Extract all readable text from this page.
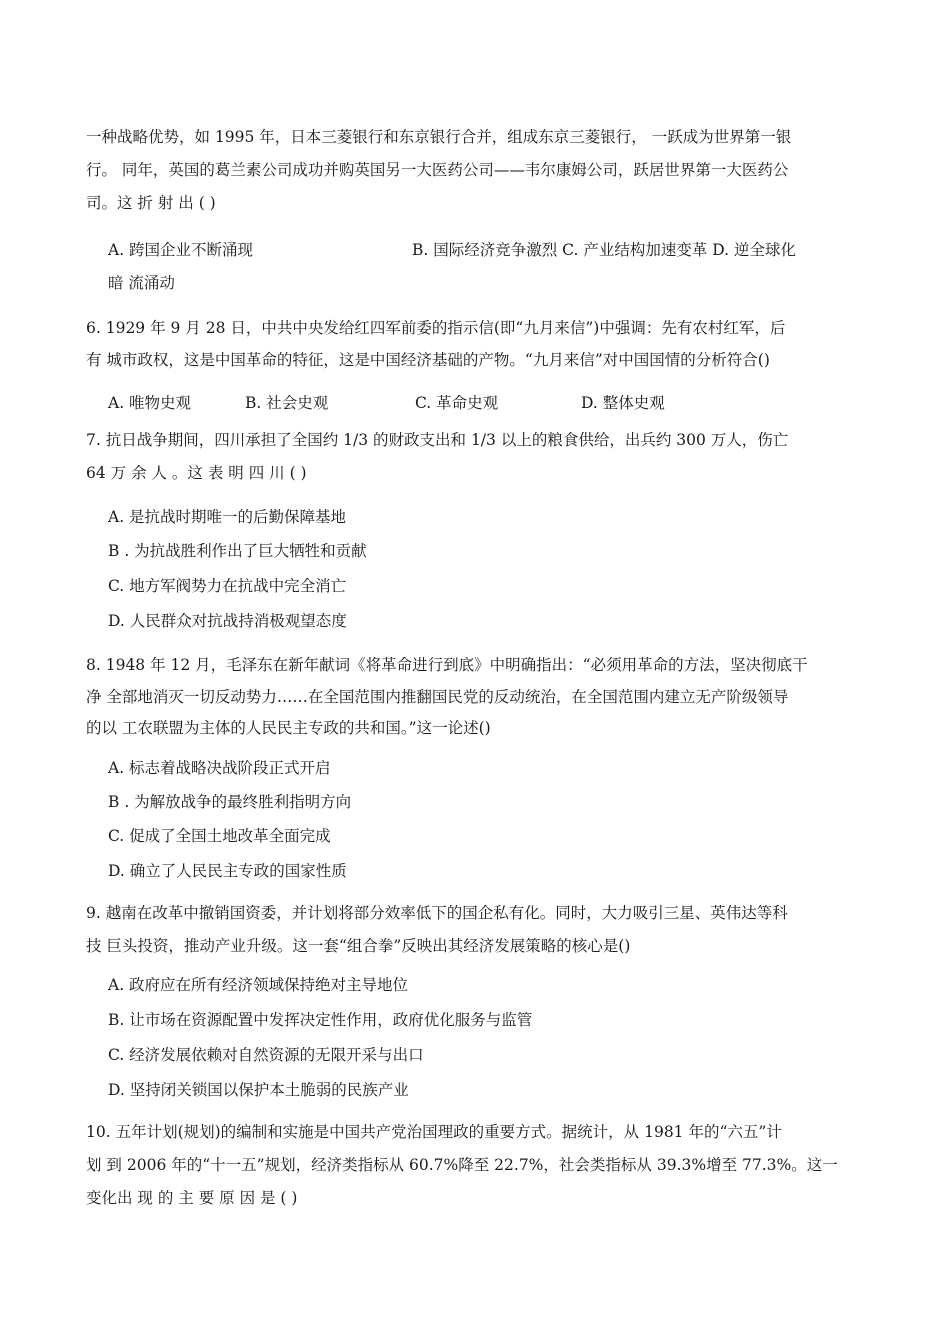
一种战略优势，如 1995 年，日本三菱银行和东京银行合并，组成东京三菱银行， 一跃成为世界第一银
行。 同年，英国的葛兰素公司成功并购英国另一大医药公司——韦尔康姆公司，跃居世界第一大医药公
司。这 折 射 出 ( )
A. 跨国企业不断涌现	B. 国际经济竞争激烈 C. 产业结构加速变革 D. 逆全球化
暗 流涌动
6. 1929 年 9 月 28 日，中共中央发给红四军前委的指示信(即“九月来信”)中强调：先有农村红军，后
有 城市政权，这是中国革命的特征，这是中国经济基础的产物。“九月来信”对中国国情的分析符合()
A. 唯物史观	B. 社会史观	C. 革命史观	D. 整体史观
7. 抗日战争期间，四川承担了全国约 1/3 的财政支出和 1/3 以上的粮食供给，出兵约 300 万人，伤亡
64 万 余 人 。这 表 明 四 川 ( )
A. 是抗战时期唯一的后勤保障基地
B . 为抗战胜利作出了巨大牺牲和贡献
C. 地方军阀势力在抗战中完全消亡
D. 人民群众对抗战持消极观望态度
8. 1948 年 12 月，毛泽东在新年献词《将革命进行到底》中明确指出：“必须用革命的方法，坚决彻底干
净 全部地消灭一切反动势力……在全国范围内推翻国民党的反动统治，在全国范围内建立无产阶级领导
的以 工农联盟为主体的人民民主专政的共和国。”这一论述()
A. 标志着战略决战阶段正式开启
B . 为解放战争的最终胜利指明方向
C. 促成了全国土地改革全面完成
D. 确立了人民民主专政的国家性质
9. 越南在改革中撤销国资委，并计划将部分效率低下的国企私有化。同时，大力吸引三星、英伟达等科
技 巨头投资，推动产业升级。这一套“组合拳”反映出其经济发展策略的核心是()
A. 政府应在所有经济领域保持绝对主导地位
B. 让市场在资源配置中发挥决定性作用，政府优化服务与监管
C. 经济发展依赖对自然资源的无限开采与出口
D. 坚持闭关锁国以保护本土脆弱的民族产业
10. 五年计划(规划)的编制和实施是中国共产党治国理政的重要方式。据统计，从 1981 年的“六五”计
划 到 2006 年的“十一五”规划，经济类指标从 60.7%降至 22.7%，社会类指标从 39.3%增至 77.3%。这一
变化出 现 的 主 要 原 因 是 ( )
